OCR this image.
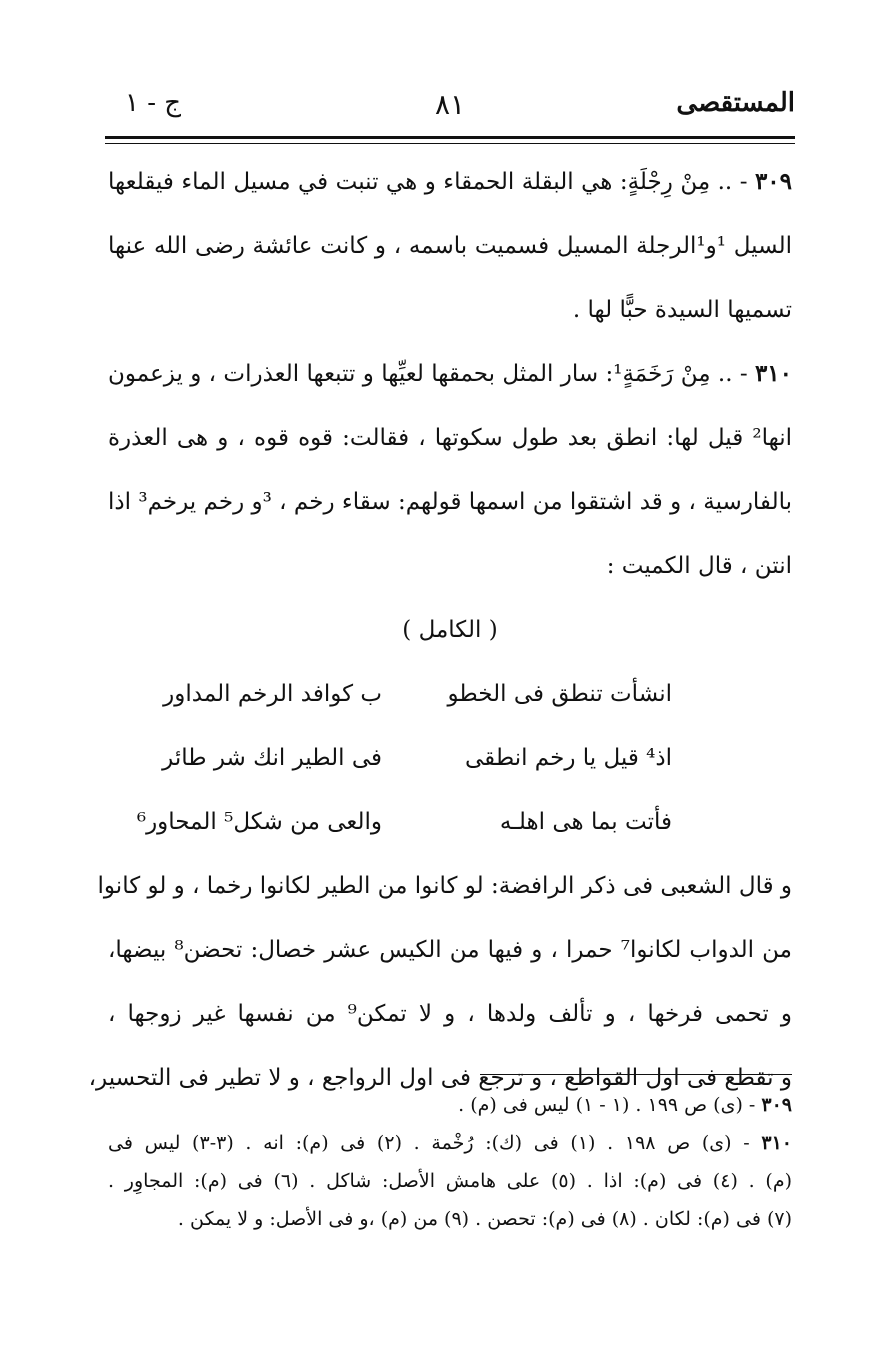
المستقصى
٨١
ج - ١
٣٠٩ - .. مِنْ رِجْلَةٍ: هي البقلة الحمقاء و هي تنبت في مسيل الماء فيقلعها
السيل ¹و¹الرجلة المسيل فسميت باسمه ، و كانت عائشة رضى الله عنها
تسميها السيدة حبًّا لها .
٣١٠ - .. مِنْ رَخَمَةٍ¹: سار المثل بحمقها لعيِّها و تتبعها العذرات ، و يزعمون
انها² قيل لها: انطق بعد طول سكوتها ، فقالت: قوه قوه ، و هى العذرة
بالفارسية ، و قد اشتقوا من اسمها قولهم: سقاء رخم ، ³و رخم يرخم³ اذا
انتن ، قال الكميت :
( الكامل )
انشأت تنطق فى الخطو
ب كوافد الرخم المداور
اذ⁴ قيل يا رخم انطقى
فى الطير انك شر طائر
فأتت بما هى اهلـه
والعى من شكل⁵ المحاور⁶
و قال الشعبى فى ذكر الرافضة: لو كانوا من الطير لكانوا رخما ، و لو كانوا
من الدواب لكانوا⁷ حمرا ، و فيها من الكيس عشر خصال: تحضن⁸ بيضها،
و تحمى فرخها ، و تألف ولدها ، و لا تمكن⁹ من نفسها غير زوجها ،
و تقطع فى اول القواطع ، و ترجع فى اول الرواجع ، و لا تطير فى التحسير،
٣٠٩ - (ى) ص ١٩٩ . (١ - ١) ليس فى (م) .
٣١٠ - (ى) ص ١٩٨ . (١) فى (ك): رُخْمة . (٢) فى (م): انه . (٣-٣) ليس فى
(م) . (٤) فى (م): اذا . (٥) على هامش الأصل: شاكل . (٦) فى (م): المجاوِر .
(٧) فى (م): لكان . (٨) فى (م): تحصن . (٩) من (م) ،و فى الأصل: و لا يمكن .
